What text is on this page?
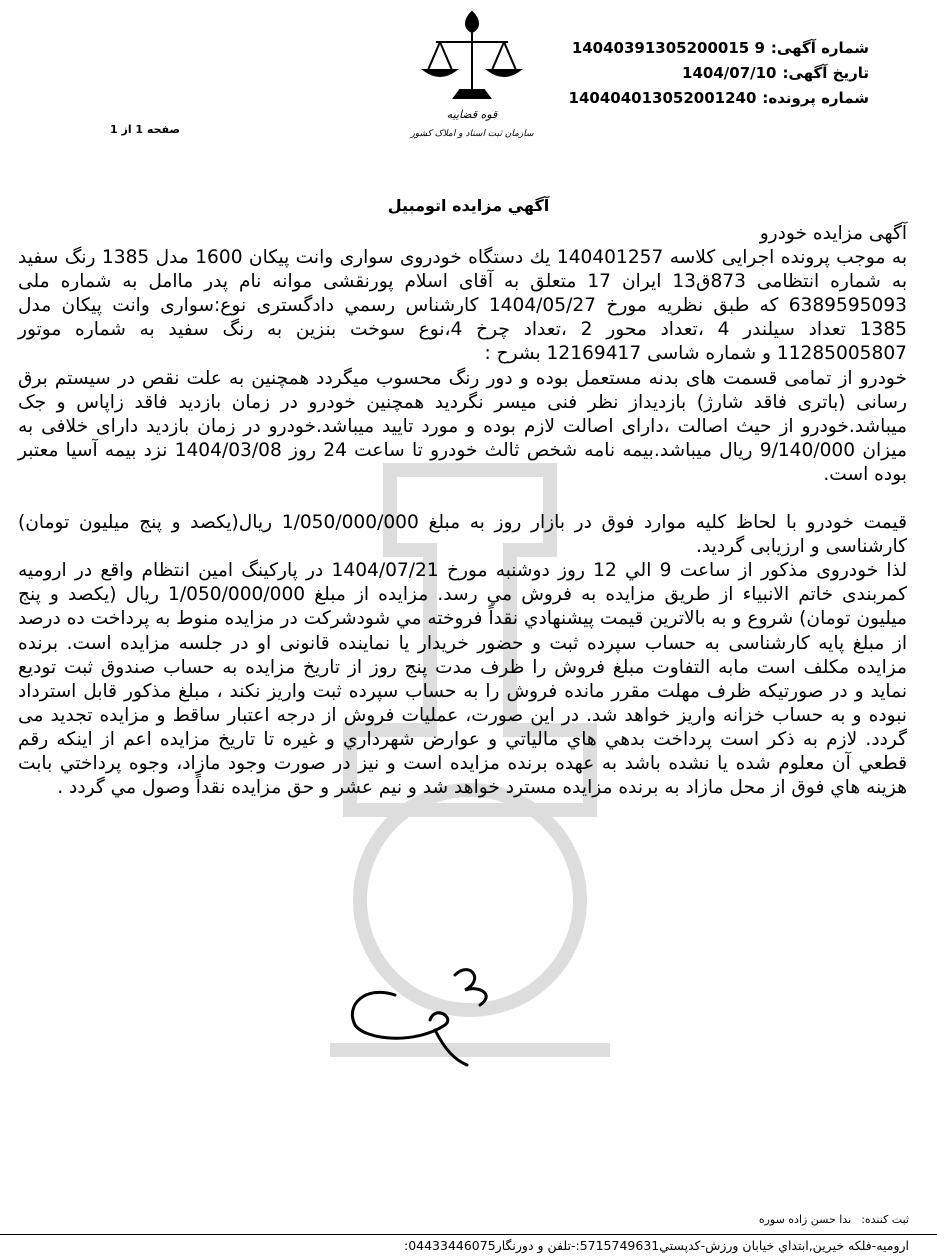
شماره آگهی:
14040391305200015 9
تاریخ آگهی:
1404/07/10
شماره پرونده:
140404013052001240
قوه قضاییه
سازمان ثبت اسناد و املاک کشور
صفحه 1 از 1
آگهي مزايده اتومبيل

آگهی مزایده خودرو

به موجب پرونده اجرایی کلاسه 140401257 يك دستگاه خودروی سواری وانت پیکان 1600 مدل 1385 رنگ سفید به شماره انتظامی 873ق13 ایران 17 متعلق به آقای اسلام پورنقشی موانه نام پدر ماامل به شماره ملی 6389595093 که طبق نظریه مورخ 1404/05/27 کارشناس رسمي دادگستری نوع:سواری وانت پیکان مدل 1385 تعداد سیلندر 4 ،تعداد محور 2 ،تعداد چرخ 4،نوع سوخت بنزین به رنگ سفید به شماره موتور 11285005807 و شماره شاسی 12169417 بشرح :

خودرو از تمامی قسمت های بدنه مستعمل بوده و دور رنگ محسوب میگردد همچنین به علت نقص در سیستم برق رسانی (باتری فاقد شارژ) بازدیداز نظر فنی میسر نگردید همچنین خودرو در زمان بازدید فاقد زاپاس و جک میباشد.خودرو از حیث اصالت ،دارای اصالت لازم بوده و مورد تایید میباشد.خودرو در زمان بازدید دارای خلافی به میزان 9/140/000 ریال میباشد.بیمه نامه شخص ثالث خودرو تا ساعت 24 روز 1404/03/08 نزد بیمه آسیا معتبر بوده است.

قیمت خودرو با لحاظ کلیه موارد فوق در بازار روز به مبلغ 1/050/000/000 ریال(یکصد و پنج میلیون تومان) کارشناسی و ارزیابی گردید.

لذا خودروی مذکور از ساعت 9 الي 12 روز دوشنبه مورخ 1404/07/21 در پارکینگ امین انتظام واقع در ارومیه کمربندی خاتم الانبیاء از طريق مزايده به فروش مي رسد. مزايده از مبلغ 1/050/000/000 ریال (یکصد و پنج میلیون تومان) شروع و به بالاترين قيمت پيشنهادي نقداً فروخته مي شودشرکت در مزايده منوط به پرداخت ده درصد از مبلغ پایه کارشناسی به حساب سپرده ثبت و حضور خریدار یا نماینده قانونی او در جلسه مزایده است. برنده مزایده مکلف است مابه التفاوت مبلغ فروش را ظرف مدت پنج روز از تاریخ مزایده به حساب صندوق ثبت تودیع نماید و در صورتیکه ظرف مهلت مقرر مانده فروش را به حساب سپرده ثبت واریز نکند ، مبلغ مذکور قابل استرداد نبوده و به حساب خزانه واریز خواهد شد. در این صورت، عملیات فروش از درجه اعتبار ساقط و مزایده تجدید می گردد. لازم به ذکر است پرداخت بدهي هاي مالیاتي و عوارض شهرداري و غیره تا تاريخ مزايده اعم از اينکه رقم قطعي آن معلوم شده يا نشده باشد به عهده برنده مزايده است و نیز در صورت وجود مازاد، وجوه پرداختي بابت هزينه هاي فوق از محل مازاد به برنده مزايده مسترد خواهد شد و نیم عشر و حق مزایده نقداً وصول مي گردد .

ثبت کننده:
ندا حسن زاده سوره
ارومیه-فلکه خیرین,ابتداي خيابان ورزش-کدپستي5715749631:-تلفن و دورنگار04433446075:
